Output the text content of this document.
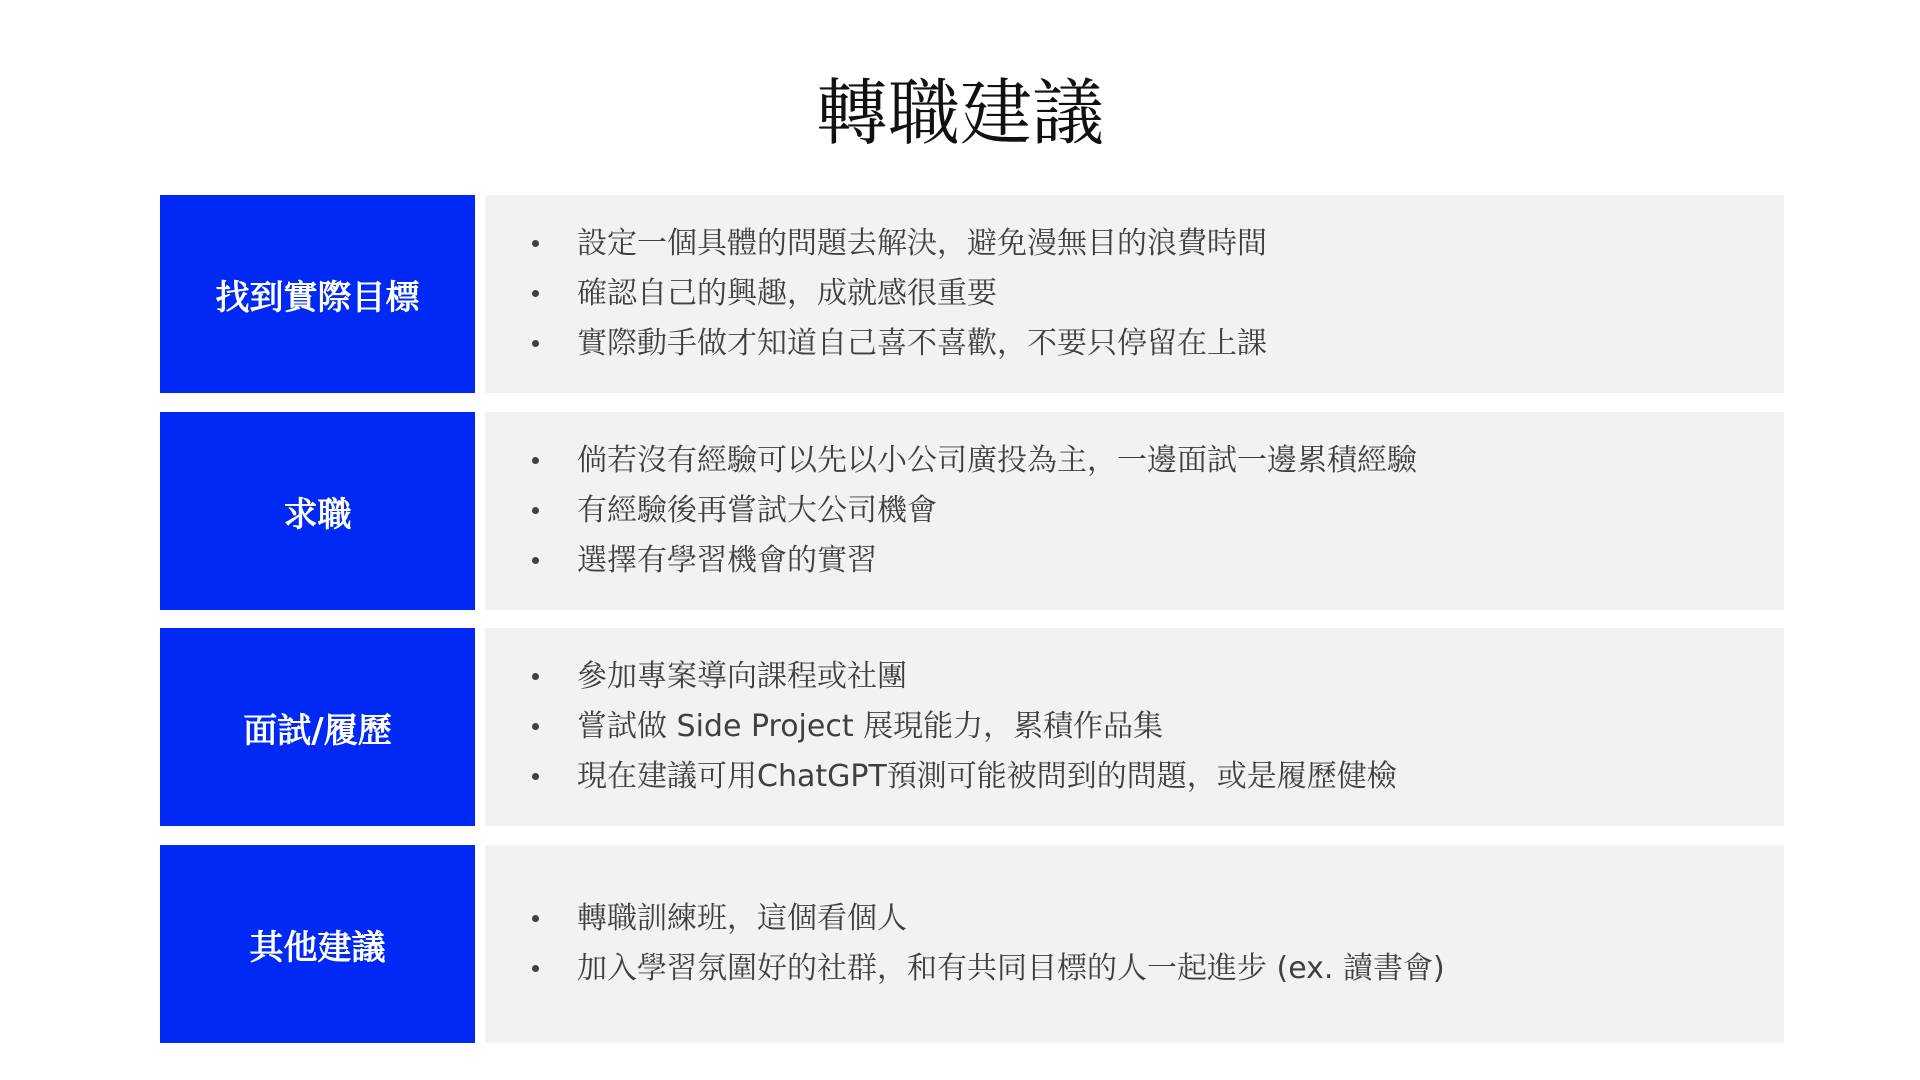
轉職建議
找到實際目標
設定一個具體的問題去解決，避免漫無目的浪費時間
確認自己的興趣，成就感很重要
實際動手做才知道自己喜不喜歡，不要只停留在上課
求職
倘若沒有經驗可以先以小公司廣投為主，一邊面試一邊累積經驗
有經驗後再嘗試大公司機會
選擇有學習機會的實習
面試/履歷
參加專案導向課程或社團
嘗試做 Side Project 展現能力，累積作品集
現在建議可用ChatGPT預測可能被問到的問題，或是履歷健檢
其他建議
轉職訓練班，這個看個人
加入學習氛圍好的社群，和有共同目標的人一起進步 (ex. 讀書會)
